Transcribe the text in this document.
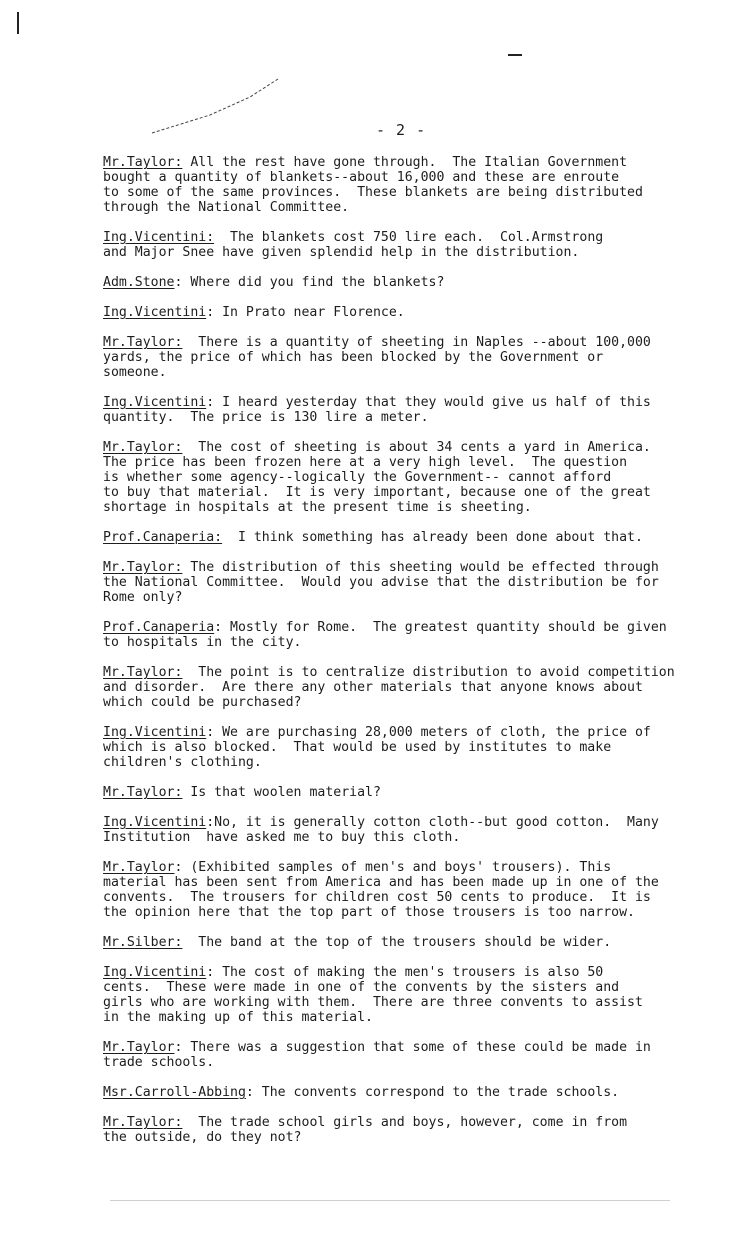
- 2 -
Mr.Taylor: All the rest have gone through.  The Italian Government
bought a quantity of blankets--about 16,000 and these are enroute
to some of the same provinces.  These blankets are being distributed
through the National Committee.
Ing.Vicentini:  The blankets cost 750 lire each.  Col.Armstrong
and Major Snee have given splendid help in the distribution.
Adm.Stone: Where did you find the blankets?
Ing.Vicentini: In Prato near Florence.
Mr.Taylor:  There is a quantity of sheeting in Naples --about 100,000
yards, the price of which has been blocked by the Government or
someone.
Ing.Vicentini: I heard yesterday that they would give us half of this
quantity.  The price is 130 lire a meter.
Mr.Taylor:  The cost of sheeting is about 34 cents a yard in America.
The price has been frozen here at a very high level.  The question
is whether some agency--logically the Government-- cannot afford
to buy that material.  It is very important, because one of the great
shortage in hospitals at the present time is sheeting.
Prof.Canaperia:  I think something has already been done about that.
Mr.Taylor: The distribution of this sheeting would be effected through
the National Committee.  Would you advise that the distribution be for
Rome only?
Prof.Canaperia: Mostly for Rome.  The greatest quantity should be given
to hospitals in the city.
Mr.Taylor:  The point is to centralize distribution to avoid competition
and disorder.  Are there any other materials that anyone knows about
which could be purchased?
Ing.Vicentini: We are purchasing 28,000 meters of cloth, the price of
which is also blocked.  That would be used by institutes to make
children's clothing.
Mr.Taylor: Is that woolen material?
Ing.Vicentini:No, it is generally cotton cloth--but good cotton.  Many
Institution  have asked me to buy this cloth.
Mr.Taylor: (Exhibited samples of men's and boys' trousers). This
material has been sent from America and has been made up in one of the
convents.  The trousers for children cost 50 cents to produce.  It is
the opinion here that the top part of those trousers is too narrow.
Mr.Silber:  The band at the top of the trousers should be wider.
Ing.Vicentini: The cost of making the men's trousers is also 50
cents.  These were made in one of the convents by the sisters and
girls who are working with them.  There are three convents to assist
in the making up of this material.
Mr.Taylor: There was a suggestion that some of these could be made in
trade schools.
Msr.Carroll-Abbing: The convents correspond to the trade schools.
Mr.Taylor:  The trade school girls and boys, however, come in from
the outside, do they not?
